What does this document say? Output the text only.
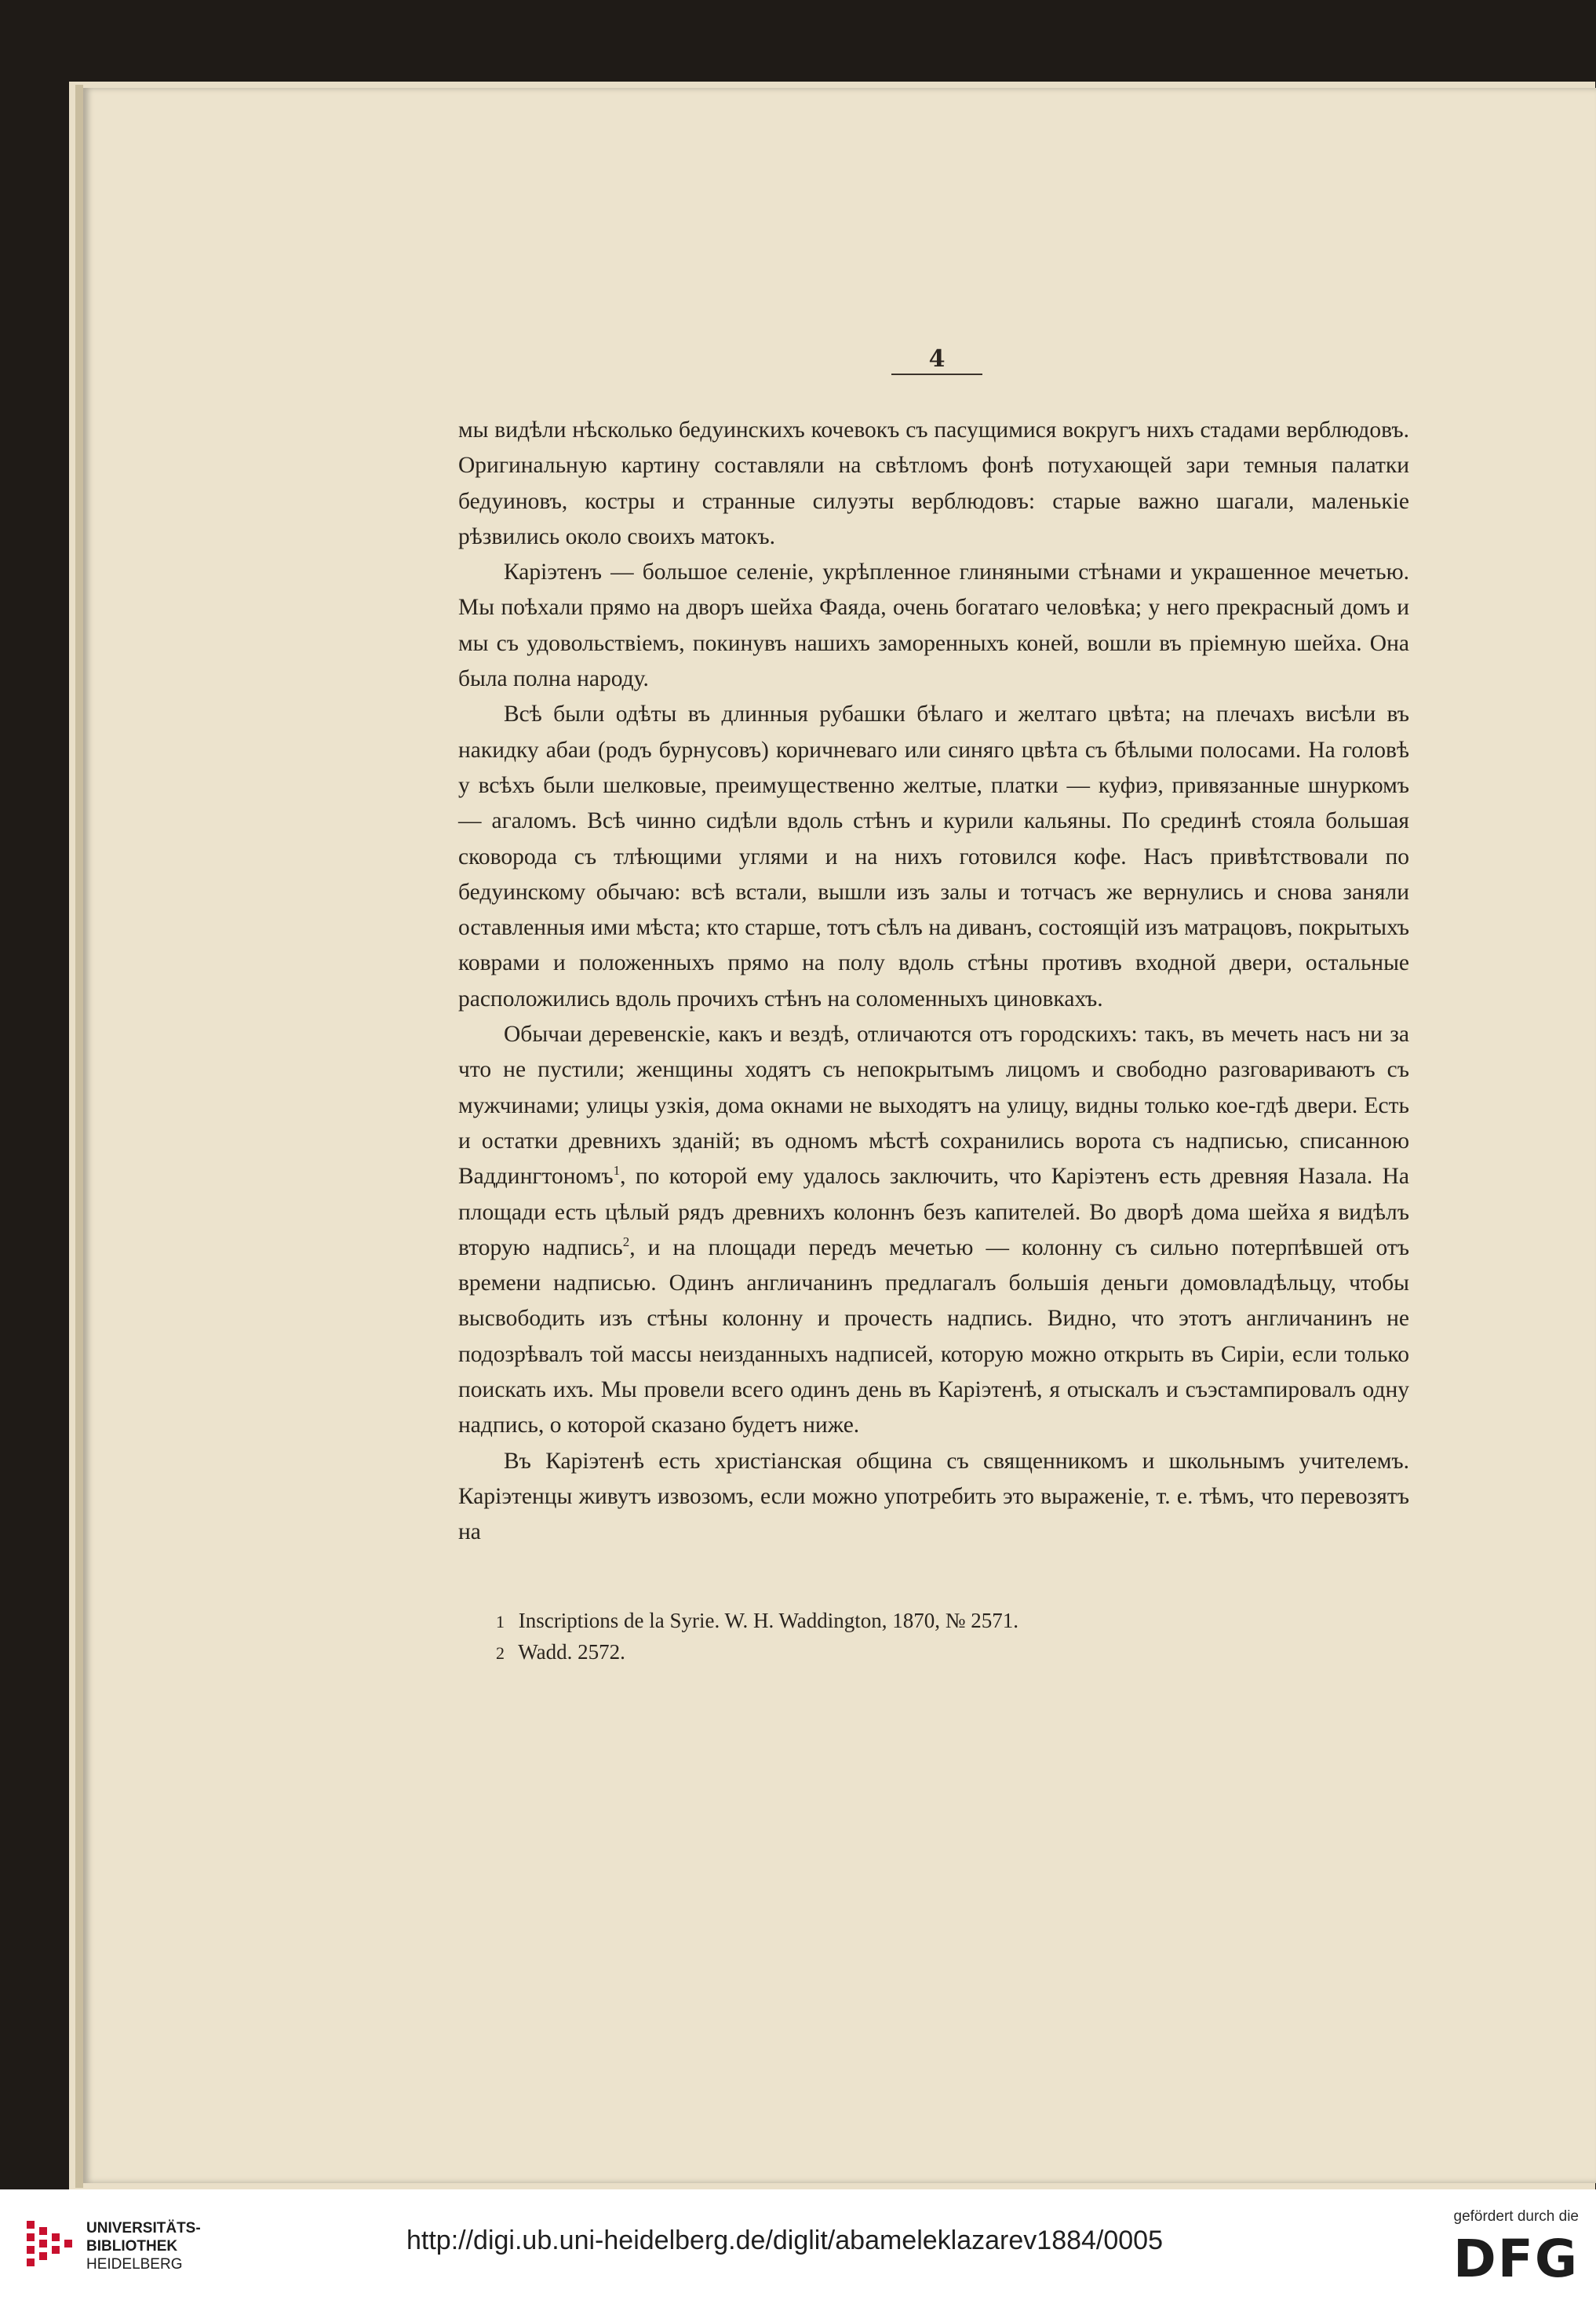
4

мы видѣли нѣсколько бедуинскихъ кочевокъ съ пасущимися вокругъ нихъ стадами верблюдовъ. Оригинальную картину составляли на свѣтломъ фонѣ потухающей зари темныя палатки бедуиновъ, костры и странные силуэты верблюдовъ: старые важно шагали, маленькіе рѣзвились около своихъ матокъ.

Каріэтенъ — большое селеніе, укрѣпленное глиняными стѣнами и украшенное мечетью. Мы поѣхали прямо на дворъ шейха Фаяда, очень богатаго человѣка; у него прекрасный домъ и мы съ удовольствіемъ, покинувъ нашихъ заморенныхъ коней, вошли въ пріемную шейха. Она была полна народу.

Всѣ были одѣты въ длинныя рубашки бѣлаго и желтаго цвѣта; на плечахъ висѣли въ накидку абаи (родъ бурнусовъ) коричневаго или синяго цвѣта съ бѣлыми полосами. На головѣ у всѣхъ были шелковые, преимущественно желтые, платки — куфиэ, привязанные шнуркомъ — агаломъ. Всѣ чинно сидѣли вдоль стѣнъ и курили кальяны. По срединѣ стояла большая сковорода съ тлѣющими углями и на нихъ готовился кофе. Насъ привѣтствовали по бедуинскому обычаю: всѣ встали, вышли изъ залы и тотчасъ же вернулись и снова заняли оставленныя ими мѣста; кто старше, тотъ сѣлъ на диванъ, состоящій изъ матрацовъ, покрытыхъ коврами и положенныхъ прямо на полу вдоль стѣны противъ входной двери, остальные расположились вдоль прочихъ стѣнъ на соломенныхъ циновкахъ.

Обычаи деревенскіе, какъ и вездѣ, отличаются отъ городскихъ: такъ, въ мечеть насъ ни за что не пустили; женщины ходятъ съ непокрытымъ лицомъ и свободно разговариваютъ съ мужчинами; улицы узкія, дома окнами не выходятъ на улицу, видны только кое-гдѣ двери. Есть и остатки древнихъ зданій; въ одномъ мѣстѣ сохранились ворота съ надписью, списанною Ваддингтономъ$^1$, по которой ему удалось заключить, что Каріэтенъ есть древняя Назала. На площади есть цѣлый рядъ древнихъ колоннъ безъ капителей. Во дворѣ дома шейха я видѣлъ вторую надпись$^2$, и на площади передъ мечетью — колонну съ сильно потерпѣвшей отъ времени надписью. Одинъ англичанинъ предлагалъ большія деньги домовладѣльцу, чтобы высвободить изъ стѣны колонну и прочесть надпись. Видно, что этотъ англичанинъ не подозрѣвалъ той массы неизданныхъ надписей, которую можно открыть въ Сиріи, если только поискать ихъ. Мы провели всего одинъ день въ Каріэтенѣ, я отыскалъ и съэстампировалъ одну надпись, о которой сказано будетъ ниже.

Въ Каріэтенѣ есть христіанская община съ священникомъ и школьнымъ учителемъ. Каріэтенцы живутъ извозомъ, если можно употребить это выраженіе, т. е. тѣмъ, что перевозятъ на

1 Inscriptions de la Syrie. W. H. Waddington, 1870, № 2571.
2 Wadd. 2572.
UNIVERSITÄTS-
BIBLIOTHEK
HEIDELBERG
http://digi.ub.uni-heidelberg.de/diglit/abameleklazarev1884/0005
gefördert durch die
DFG
